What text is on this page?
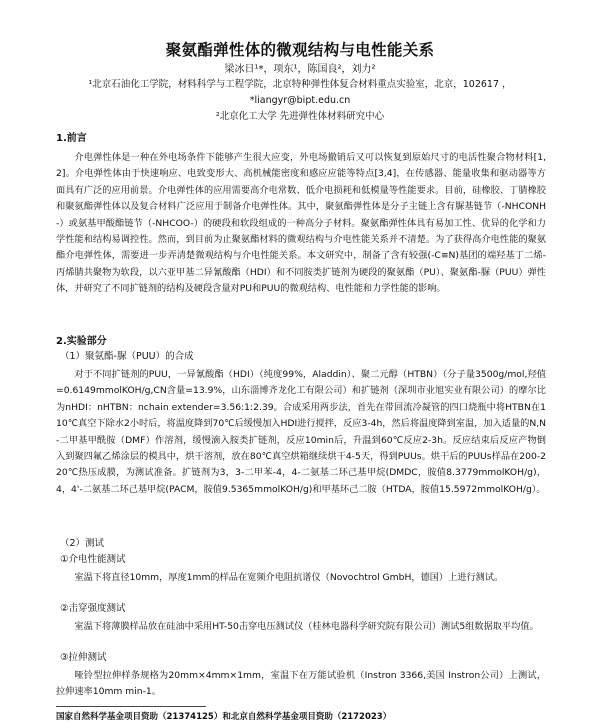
聚氨酯弹性体的微观结构与电性能关系
梁冰日¹*，项东¹，陈国良²，刘力²
¹北京石油化工学院，材料科学与工程学院，北京特种弹性体复合材料重点实验室，北京，102617 ，
*liangyr@bipt.edu.cn
²北京化工大学 先进弹性体材料研究中心
1.前言

介电弹性体是一种在外电场条件下能够产生很大应变，外电场撤销后又可以恢复到原始尺寸的电活性聚合物材料[1,2]。介电弹性体由于快速响应、电致变形大、高机械能密度和感应应能等特点[3,4]，在传感器、能量收集和驱动器等方面具有广泛的应用前景。介电弹性体的应用需要高介电常数、低介电损耗和低模量等性能要求。目前，硅橡胶、丁腈橡胶和聚氨酯弹性体以及复合材料广泛应用于制备介电弹性体。其中，聚氨酯弹性体是分子主链上含有脲基链节（-NHCONH-）或氨基甲酸酯链节（-NHCOO-）的硬段和软段组成的一种高分子材料。聚氨酯弹性体具有易加工性、优异的化学和力学性能和结构易调控性。然而，到目前为止聚氨酯材料的微观结构与介电性能关系并不清楚。为了获得高介电性能的聚氨酯介电弹性体，需要进一步弄清楚微观结构与介电性能关系。本文研究中，制备了含有较强(-C≡N)基团的端羟基丁二烯-丙烯腈共聚物为软段，以六亚甲基二异氰酸酯（HDI）和不同胺类扩链剂为硬段的聚氨酯（PU）、聚氨酯-脲（PUU）弹性体，并研究了不同扩链剂的结构及硬段含量对PU和PUU的微观结构、电性能和力学性能的影响。

2.实验部分
（1）聚氨酯-脲（PUU）的合成

对于不同扩链剂的PUU，一异氰酸酯（HDI）（纯度99%，Aladdin）、聚二元醇（HTBN）（分子量3500g/mol,羟值=0.6149mmolKOH/g,CN含量=13.9%，山东淄博齐龙化工有限公司）和扩链剂（深圳市业旭实业有限公司）的摩尔比为nHDI：nHTBN：nchain extender=3.56:1:2.39。合成采用两步法，首先在带回流冷凝管的四口烧瓶中将HTBN在110℃真空下除水2小时后，将温度降到70℃后缓慢加入HDI进行搅拌，反应3-4h，然后将温度降到室温，加入适量的N,N-二甲基甲酰胺（DMF）作溶剂，缓慢滴入胺类扩链剂，反应10min后，升温到60℃反应2-3h。反应结束后反应产物倒入到聚四氟乙烯涂层的模具中，烘干溶剂，放在80℃真空烘箱继续烘干4-5天，得到PUUs。烘干后的PUUs样品在200-220℃热压成膜，为测试准备。扩链剂为3，3-二甲苯-4，4-二氨基二环己基甲烷(DMDC，胺值8.3779mmolKOH/g)，4，4'-二氨基二环己基甲烷(PACM，胺值9.5365mmolKOH/g)和甲基环己二胺（HTDA，胺值15.5972mmolKOH/g）。

（2）测试
①介电性能测试

室温下将直径10mm，厚度1mm的样品在宽频介电阻抗谱仪（Novochtrol GmbH，德国）上进行测试。

②击穿强度测试

室温下将薄膜样品放在硅油中采用HT-50击穿电压测试仪（桂林电器科学研究院有限公司）测试5组数据取平均值。

③拉伸测试

哑铃型拉伸样条规格为20mm×4mm×1mm，室温下在万能试验机（Instron 3366,美国 Instron公司）上测试，拉伸速率10mm min-1。

国家自然科学基金项目资助（21374125）和北京自然科学基金项目资助（2172023）
